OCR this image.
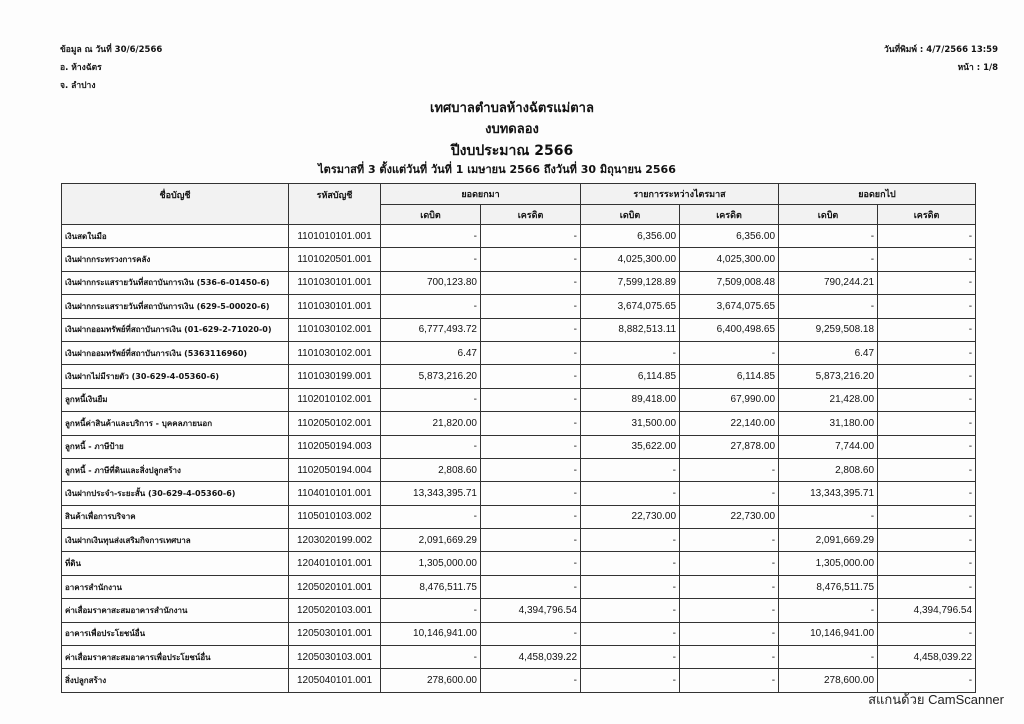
ข้อมูล ณ วันที่ 30/6/2566
อ. ห้างฉัตร
จ. ลำปาง
วันที่พิมพ์ : 4/7/2566 13:59
หน้า : 1/8
เทศบาลตำบลห้างฉัตรแม่ตาล
งบทดลอง
ปีงบประมาณ 2566
ไตรมาสที่ 3 ตั้งแต่วันที่ วันที่ 1 เมษายน 2566 ถึงวันที่ 30 มิถุนายน 2566
ชื่อบัญชี	รหัสบัญชี	ยอดยกมา		รายการระหว่างไตรมาส		ยอดยกไป	
		เดบิต	เครดิต	เดบิต	เครดิต	เดบิต	เครดิต
เงินสดในมือ	1101010101.001	-	-	6,356.00	6,356.00	-	-
เงินฝากกระทรวงการคลัง	1101020501.001	-	-	4,025,300.00	4,025,300.00	-	-
เงินฝากกระแสรายวันที่สถาบันการเงิน (536-6-01450-6)	1101030101.001	700,123.80	-	7,599,128.89	7,509,008.48	790,244.21	-
เงินฝากกระแสรายวันที่สถาบันการเงิน (629-5-00020-6)	1101030101.001	-	-	3,674,075.65	3,674,075.65	-	-
เงินฝากออมทรัพย์ที่สถาบันการเงิน (01-629-2-71020-0)	1101030102.001	6,777,493.72	-	8,882,513.11	6,400,498.65	9,259,508.18	-
เงินฝากออมทรัพย์ที่สถาบันการเงิน (5363116960)	1101030102.001	6.47	-	-	-	6.47	-
เงินฝากไม่มีรายตัว (30-629-4-05360-6)	1101030199.001	5,873,216.20	-	6,114.85	6,114.85	5,873,216.20	-
ลูกหนี้เงินยืม	1102010102.001	-	-	89,418.00	67,990.00	21,428.00	-
ลูกหนี้ค่าสินค้าและบริการ - บุคคลภายนอก	1102050102.001	21,820.00	-	31,500.00	22,140.00	31,180.00	-
ลูกหนี้ - ภาษีป้าย	1102050194.003	-	-	35,622.00	27,878.00	7,744.00	-
ลูกหนี้ - ภาษีที่ดินและสิ่งปลูกสร้าง	1102050194.004	2,808.60	-	-	-	2,808.60	-
เงินฝากประจำ-ระยะสั้น (30-629-4-05360-6)	1104010101.001	13,343,395.71	-	-	-	13,343,395.71	-
สินค้าเพื่อการบริจาค	1105010103.002	-	-	22,730.00	22,730.00	-	-
เงินฝากเงินทุนส่งเสริมกิจการเทศบาล	1203020199.002	2,091,669.29	-	-	-	2,091,669.29	-
ที่ดิน	1204010101.001	1,305,000.00	-	-	-	1,305,000.00	-
อาคารสำนักงาน	1205020101.001	8,476,511.75	-	-	-	8,476,511.75	-
ค่าเสื่อมราคาสะสมอาคารสำนักงาน	1205020103.001	-	4,394,796.54	-	-	-	4,394,796.54
อาคารเพื่อประโยชน์อื่น	1205030101.001	10,146,941.00	-	-	-	10,146,941.00	-
ค่าเสื่อมราคาสะสมอาคารเพื่อประโยชน์อื่น	1205030103.001	-	4,458,039.22	-	-	-	4,458,039.22
สิ่งปลูกสร้าง	1205040101.001	278,600.00	-	-	-	278,600.00	-
สแกนด้วย CamScanner
